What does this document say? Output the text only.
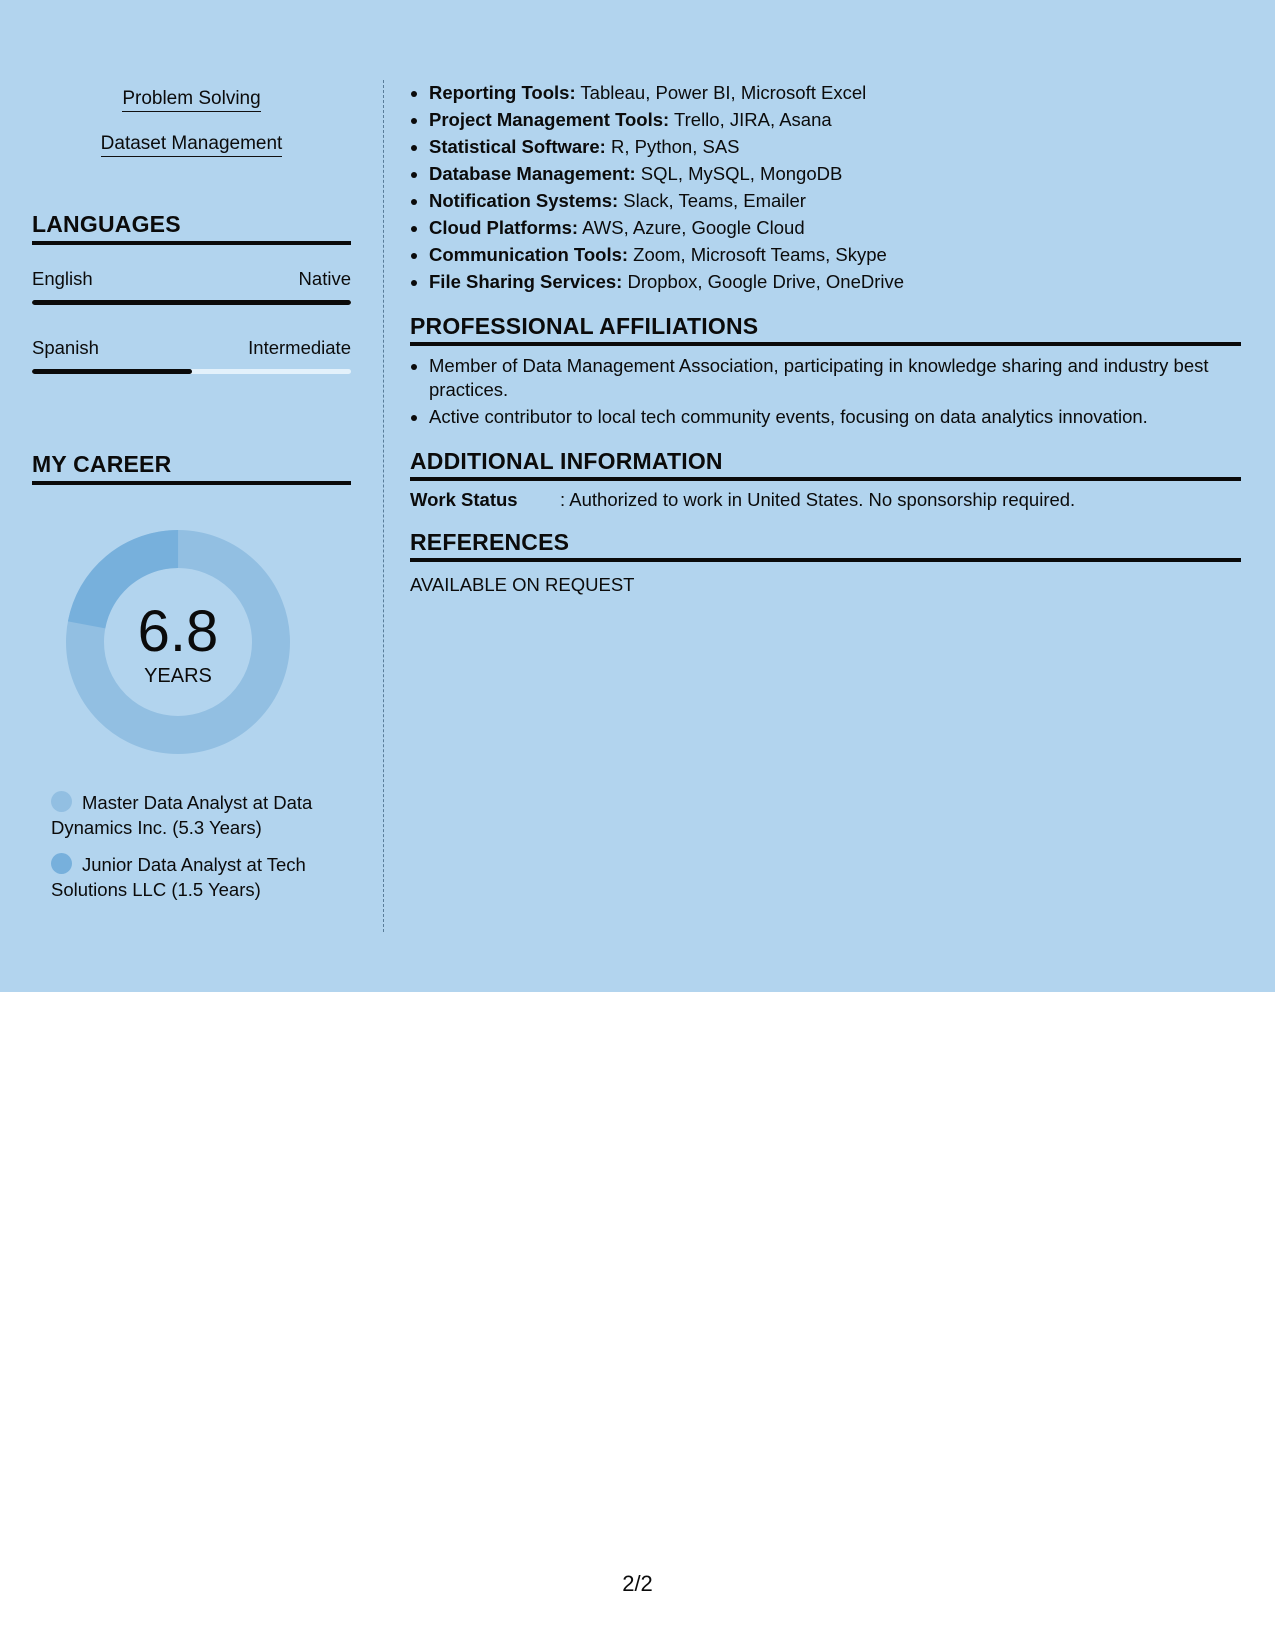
Problem Solving
Dataset Management
LANGUAGES
English	Native
Spanish	Intermediate
MY CAREER
6.8
YEARS
Master Data Analyst at Data Dynamics Inc. (5.3 Years)
Junior Data Analyst at Tech Solutions LLC (1.5 Years)
• Reporting Tools: Tableau, Power BI, Microsoft Excel
• Project Management Tools: Trello, JIRA, Asana
• Statistical Software: R, Python, SAS
• Database Management: SQL, MySQL, MongoDB
• Notification Systems: Slack, Teams, Emailer
• Cloud Platforms: AWS, Azure, Google Cloud
• Communication Tools: Zoom, Microsoft Teams, Skype
• File Sharing Services: Dropbox, Google Drive, OneDrive
PROFESSIONAL AFFILIATIONS
• Member of Data Management Association, participating in knowledge sharing and industry best practices.
• Active contributor to local tech community events, focusing on data analytics innovation.
ADDITIONAL INFORMATION
Work Status : Authorized to work in United States. No sponsorship required.
REFERENCES
AVAILABLE ON REQUEST
2/2
